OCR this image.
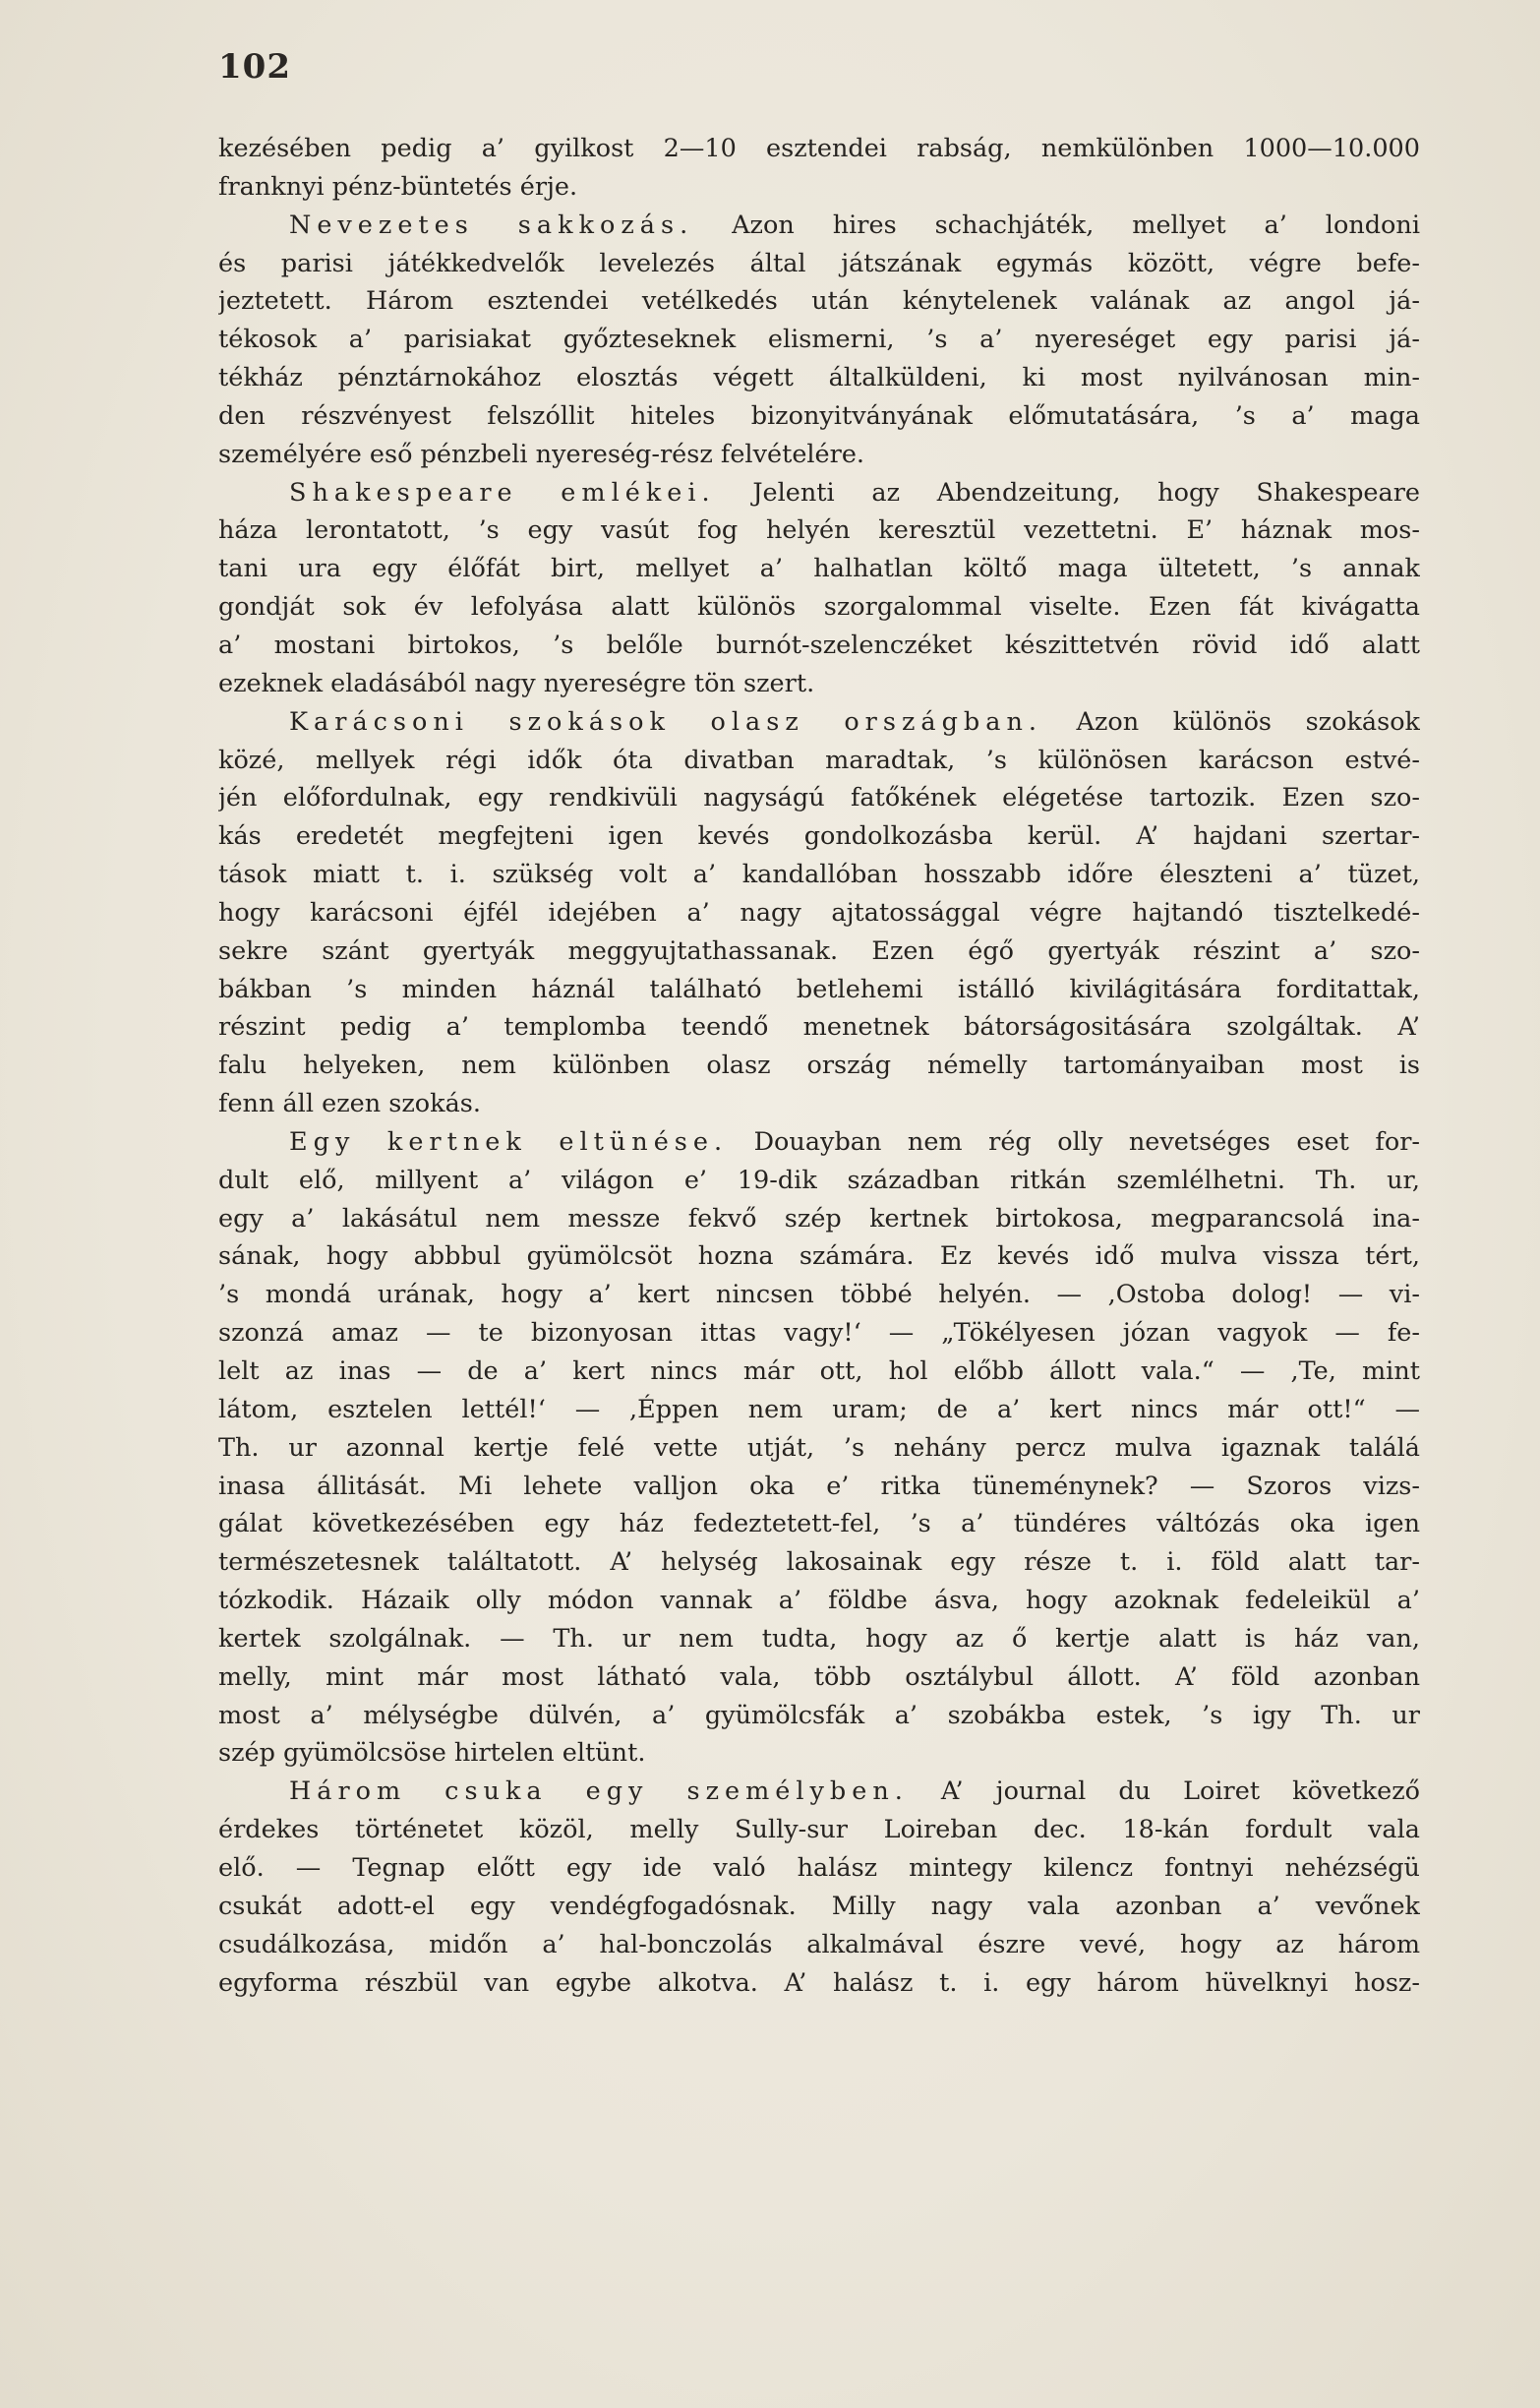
102
kezésében pedig a’ gyilkost 2—10 esztendei rabság, nemkülönben 1000—10.000
franknyi pénz-büntetés érje.
Nevezetes sakkozás. Azon hires schachjáték, mellyet a’ londoni
és parisi játékkedvelők levelezés által játszának egymás között, végre befe-
jeztetett. Három esztendei vetélkedés után kénytelenek valának az angol já-
tékosok a’ parisiakat győzteseknek elismerni, ’s a’ nyereséget egy parisi já-
tékház pénztárnokához elosztás végett általküldeni, ki most nyilvánosan min-
den részvényest felszóllit hiteles bizonyitványának előmutatására, ’s a’ maga
személyére eső pénzbeli nyereség-rész felvételére.
Shakespeare emlékei. Jelenti az Abendzeitung, hogy Shakespeare
háza lerontatott, ’s egy vasút fog helyén keresztül vezettetni. E’ háznak mos-
tani ura egy élőfát birt, mellyet a’ halhatlan költő maga ültetett, ’s annak
gondját sok év lefolyása alatt különös szorgalommal viselte. Ezen fát kivágatta
a’ mostani birtokos, ’s belőle burnót-szelenczéket készittetvén rövid idő alatt
ezeknek eladásából nagy nyereségre tön szert.
Karácsoni szokások olasz országban. Azon különös szokások
közé, mellyek régi idők óta divatban maradtak, ’s különösen karácson estvé-
jén előfordulnak, egy rendkivüli nagyságú fatőkének elégetése tartozik. Ezen szo-
kás eredetét megfejteni igen kevés gondolkozásba kerül. A’ hajdani szertar-
tások miatt t. i. szükség volt a’ kandallóban hosszabb időre éleszteni a’ tüzet,
hogy karácsoni éjfél idejében a’ nagy ajtatossággal végre hajtandó tisztelkedé-
sekre szánt gyertyák meggyujtathassanak. Ezen égő gyertyák részint a’ szo-
bákban ’s minden háznál található betlehemi istálló kivilágitására forditattak,
részint pedig a’ templomba teendő menetnek bátorságositására szolgáltak. A’
falu helyeken, nem különben olasz ország némelly tartományaiban most is
fenn áll ezen szokás.
Egy kertnek eltünése. Douayban nem rég olly nevetséges eset for-
dult elő, millyent a’ világon e’ 19-dik században ritkán szemlélhetni. Th. ur,
egy a’ lakásátul nem messze fekvő szép kertnek birtokosa, megparancsolá ina-
sának, hogy abbbul gyümölcsöt hozna számára. Ez kevés idő mulva vissza tért,
’s mondá urának, hogy a’ kert nincsen többé helyén. — ,Ostoba dolog! — vi-
szonzá amaz — te bizonyosan ittas vagy!‘ — „Tökélyesen józan vagyok — fe-
lelt az inas — de a’ kert nincs már ott, hol előbb állott vala.“ — ,Te, mint
látom, esztelen lettél!‘ — ,Éppen nem uram; de a’ kert nincs már ott!“ —
Th. ur azonnal kertje felé vette utját, ’s nehány percz mulva igaznak találá
inasa állitását. Mi lehete valljon oka e’ ritka tüneménynek? — Szoros vizs-
gálat következésében egy ház fedeztetett-fel, ’s a’ tündéres váltózás oka igen
természetesnek találtatott. A’ helység lakosainak egy része t. i. föld alatt tar-
tózkodik. Házaik olly módon vannak a’ földbe ásva, hogy azoknak fedeleikül a’
kertek szolgálnak. — Th. ur nem tudta, hogy az ő kertje alatt is ház van,
melly, mint már most látható vala, több osztálybul állott. A’ föld azonban
most a’ mélységbe dülvén, a’ gyümölcsfák a’ szobákba estek, ’s igy Th. ur
szép gyümölcsöse hirtelen eltünt.
Három csuka egy személyben. A’ journal du Loiret következő
érdekes történetet közöl, melly Sully-sur Loireban dec. 18-kán fordult vala
elő. — Tegnap előtt egy ide való halász mintegy kilencz fontnyi nehézségü
csukát adott-el egy vendégfogadósnak. Milly nagy vala azonban a’ vevőnek
csudálkozása, midőn a’ hal-bonczolás alkalmával észre vevé, hogy az három
egyforma részbül van egybe alkotva. A’ halász t. i. egy három hüvelknyi hosz-
